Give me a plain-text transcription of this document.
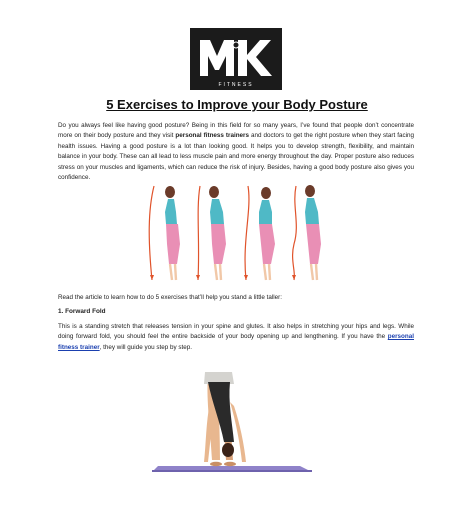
FITNESS
5 Exercises to Improve your Body Posture
Do you always feel like having good posture? Being in this field for so many years, I’ve found that people don’t concentrate more on their body posture and they visit personal fitness trainers and doctors to get the right posture when they start facing health issues. Having a good posture is a lot than looking good. It helps you to develop strength, flexibility, and maintain balance in your body. These can all lead to less muscle pain and more energy throughout the day. Proper posture also reduces stress on your muscles and ligaments, which can reduce the risk of injury. Besides, having a good body posture also gives you confidence.
Read the article to learn how to do 5 exercises that’ll help you stand a little taller:
1. Forward Fold
This is a standing stretch that releases tension in your spine and glutes. It also helps in stretching your hips and legs. While doing forward fold, you should feel the entire backside of your body opening up and lengthening. If you have the personal fitness trainer, they will guide you step by step.
